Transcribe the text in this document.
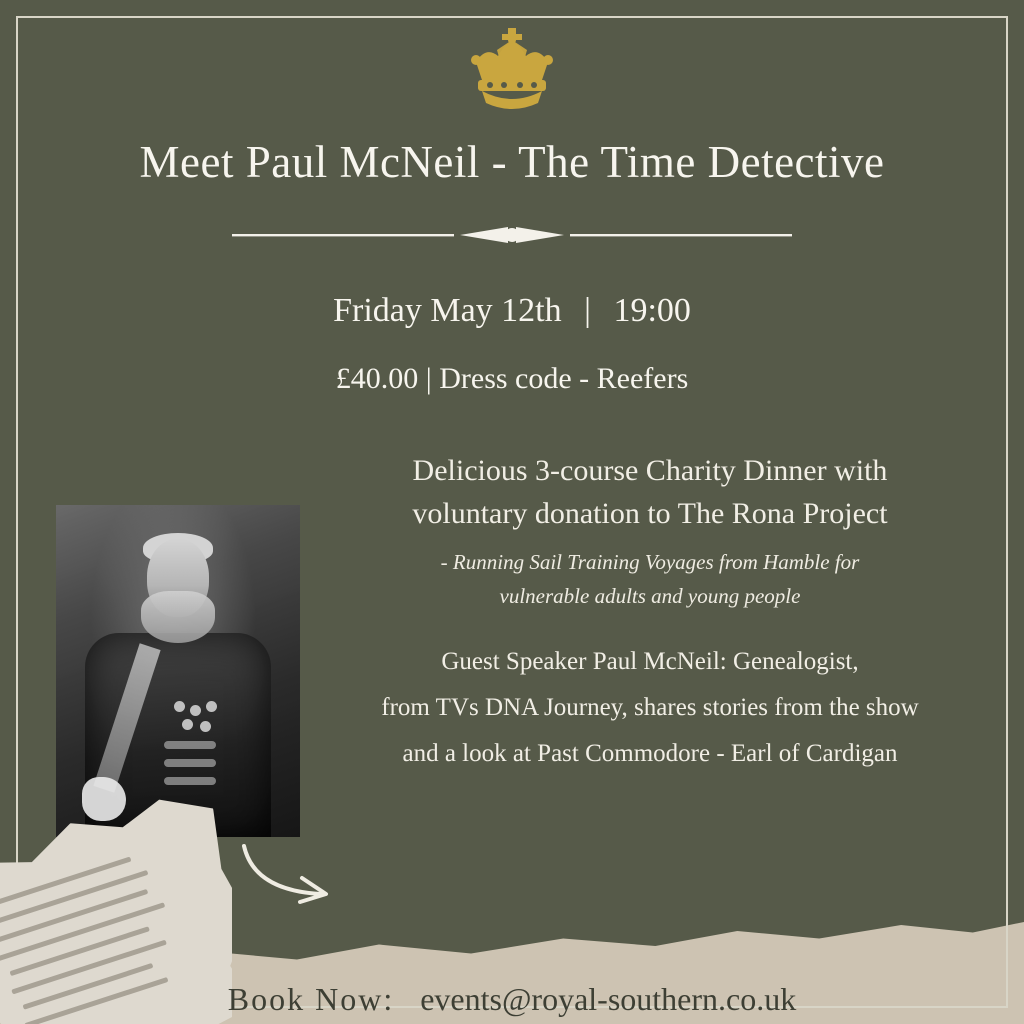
Meet Paul McNeil - The Time Detective
Friday May 12th | 19:00
£40.00 | Dress code - Reefers
Delicious 3-course Charity Dinner with
voluntary donation to The Rona Project
- Running Sail Training Voyages from Hamble for
vulnerable adults and young people
Guest Speaker Paul McNeil: Genealogist,
from TVs DNA Journey, shares stories from the show
and a look at Past Commodore - Earl of Cardigan
Book Now: events@royal-southern.co.uk
